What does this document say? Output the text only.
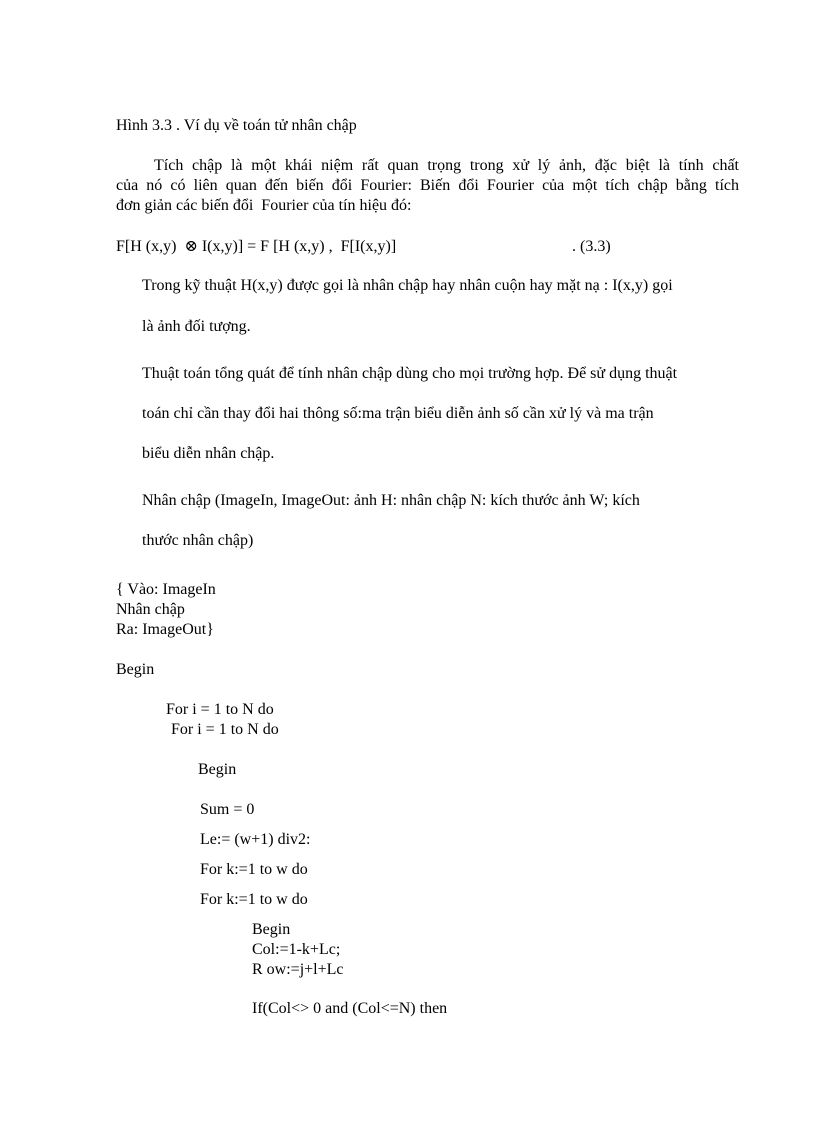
Hình 3.3 . Ví dụ về toán tử nhân chập
Tích chập là một khái niệm rất quan trọng trong xử lý ảnh, đặc biệt là tính chất
của nó có liên quan đến biến đổi Fourier: Biến đổi Fourier của một tích chập bằng tích
đơn giản các biến đổi  Fourier của tín hiệu đó:
F[H (x,y)  ⊗ I(x,y)] = F [H (x,y) ,  F[I(x,y)]	. (3.3)
Trong kỹ thuật H(x,y) được gọi là nhân chập hay nhân cuộn hay mặt nạ : I(x,y) gọi
là ảnh đối tượng.
Thuật toán tổng quát để tính nhân chập dùng cho mọi trường hợp. Để sử dụng thuật
toán chỉ cần thay đổi hai thông số:ma trận biểu diễn ảnh số cần xử lý và ma trận
biểu diễn nhân chập.
Nhân chập (ImageIn, ImageOut: ảnh H: nhân chập N: kích thước ảnh W; kích
thước nhân chập)
{ Vào: ImageIn
Nhân chập
Ra: ImageOut}
Begin
For i = 1 to N do
For i = 1 to N do
Begin
Sum = 0
Le:= (w+1) div2:
For k:=1 to w do
For k:=1 to w do
Begin
Col:=1-k+Lc;
R ow:=j+l+Lc
If(Col<> 0 and (Col<=N) then
